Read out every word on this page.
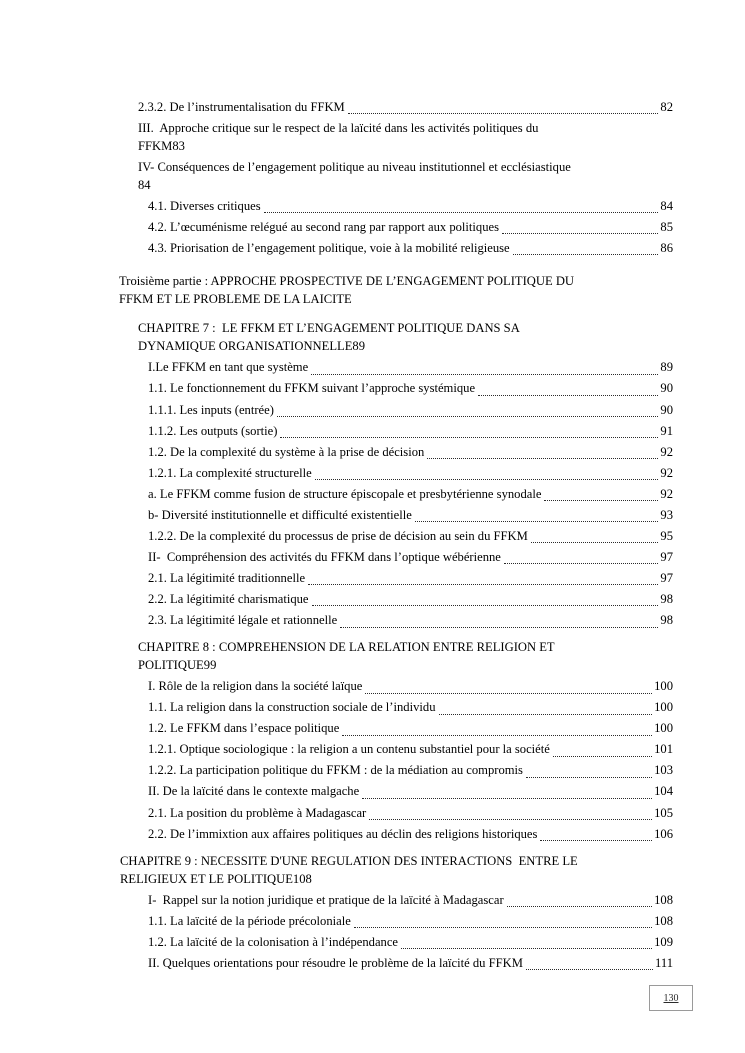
2.3.2. De l’instrumentalisation du FFKM	82
III.  Approche critique sur le respect de la laïcité dans les activités politiques du
FFKM 83
IV- Conséquences de l’engagement politique au niveau institutionnel et ecclésiastique
84
4.1. Diverses critiques	84
4.2. L’œcuménisme relégué au second rang par rapport aux politiques	85
4.3. Priorisation de l’engagement politique, voie à la mobilité religieuse	86
Troisième partie : APPROCHE PROSPECTIVE DE L’ENGAGEMENT POLITIQUE DU
FFKM ET LE PROBLEME DE LA LAICITE
CHAPITRE 7 :  LE FFKM ET L’ENGAGEMENT POLITIQUE DANS SA
DYNAMIQUE ORGANISATIONNELLE 89
I.Le FFKM en tant que système	89
1.1. Le fonctionnement du FFKM suivant l’approche systémique	90
1.1.1. Les inputs (entrée)	90
1.1.2. Les outputs (sortie)	91
1.2. De la complexité du système à la prise de décision	92
1.2.1. La complexité structurelle	92
a. Le FFKM comme fusion de structure épiscopale et presbytérienne synodale	92
b- Diversité institutionnelle et difficulté existentielle	93
1.2.2. De la complexité du processus de prise de décision au sein du FFKM	95
II-  Compréhension des activités du FFKM dans l’optique wébérienne	97
2.1. La légitimité traditionnelle	97
2.2. La légitimité charismatique	98
2.3. La légitimité légale et rationnelle	98
CHAPITRE 8 : COMPREHENSION DE LA RELATION ENTRE RELIGION ET
POLITIQUE 99
I. Rôle de la religion dans la société laïque	100
1.1. La religion dans la construction sociale de l’individu	100
1.2. Le FFKM dans l’espace politique	100
1.2.1. Optique sociologique : la religion a un contenu substantiel pour la société	101
1.2.2. La participation politique du FFKM : de la médiation au compromis	103
II. De la laïcité dans le contexte malgache	104
2.1. La position du problème à Madagascar	105
2.2. De l’immixtion aux affaires politiques au déclin des religions historiques	106
CHAPITRE 9 : NECESSITE D'UNE REGULATION DES INTERACTIONS  ENTRE LE
RELIGIEUX ET LE POLITIQUE 108
I-  Rappel sur la notion juridique et pratique de la laïcité à Madagascar	108
1.1. La laïcité de la période précoloniale	108
1.2. La laïcité de la colonisation à l’indépendance	109
II. Quelques orientations pour résoudre le problème de la laïcité du FFKM	111
130
